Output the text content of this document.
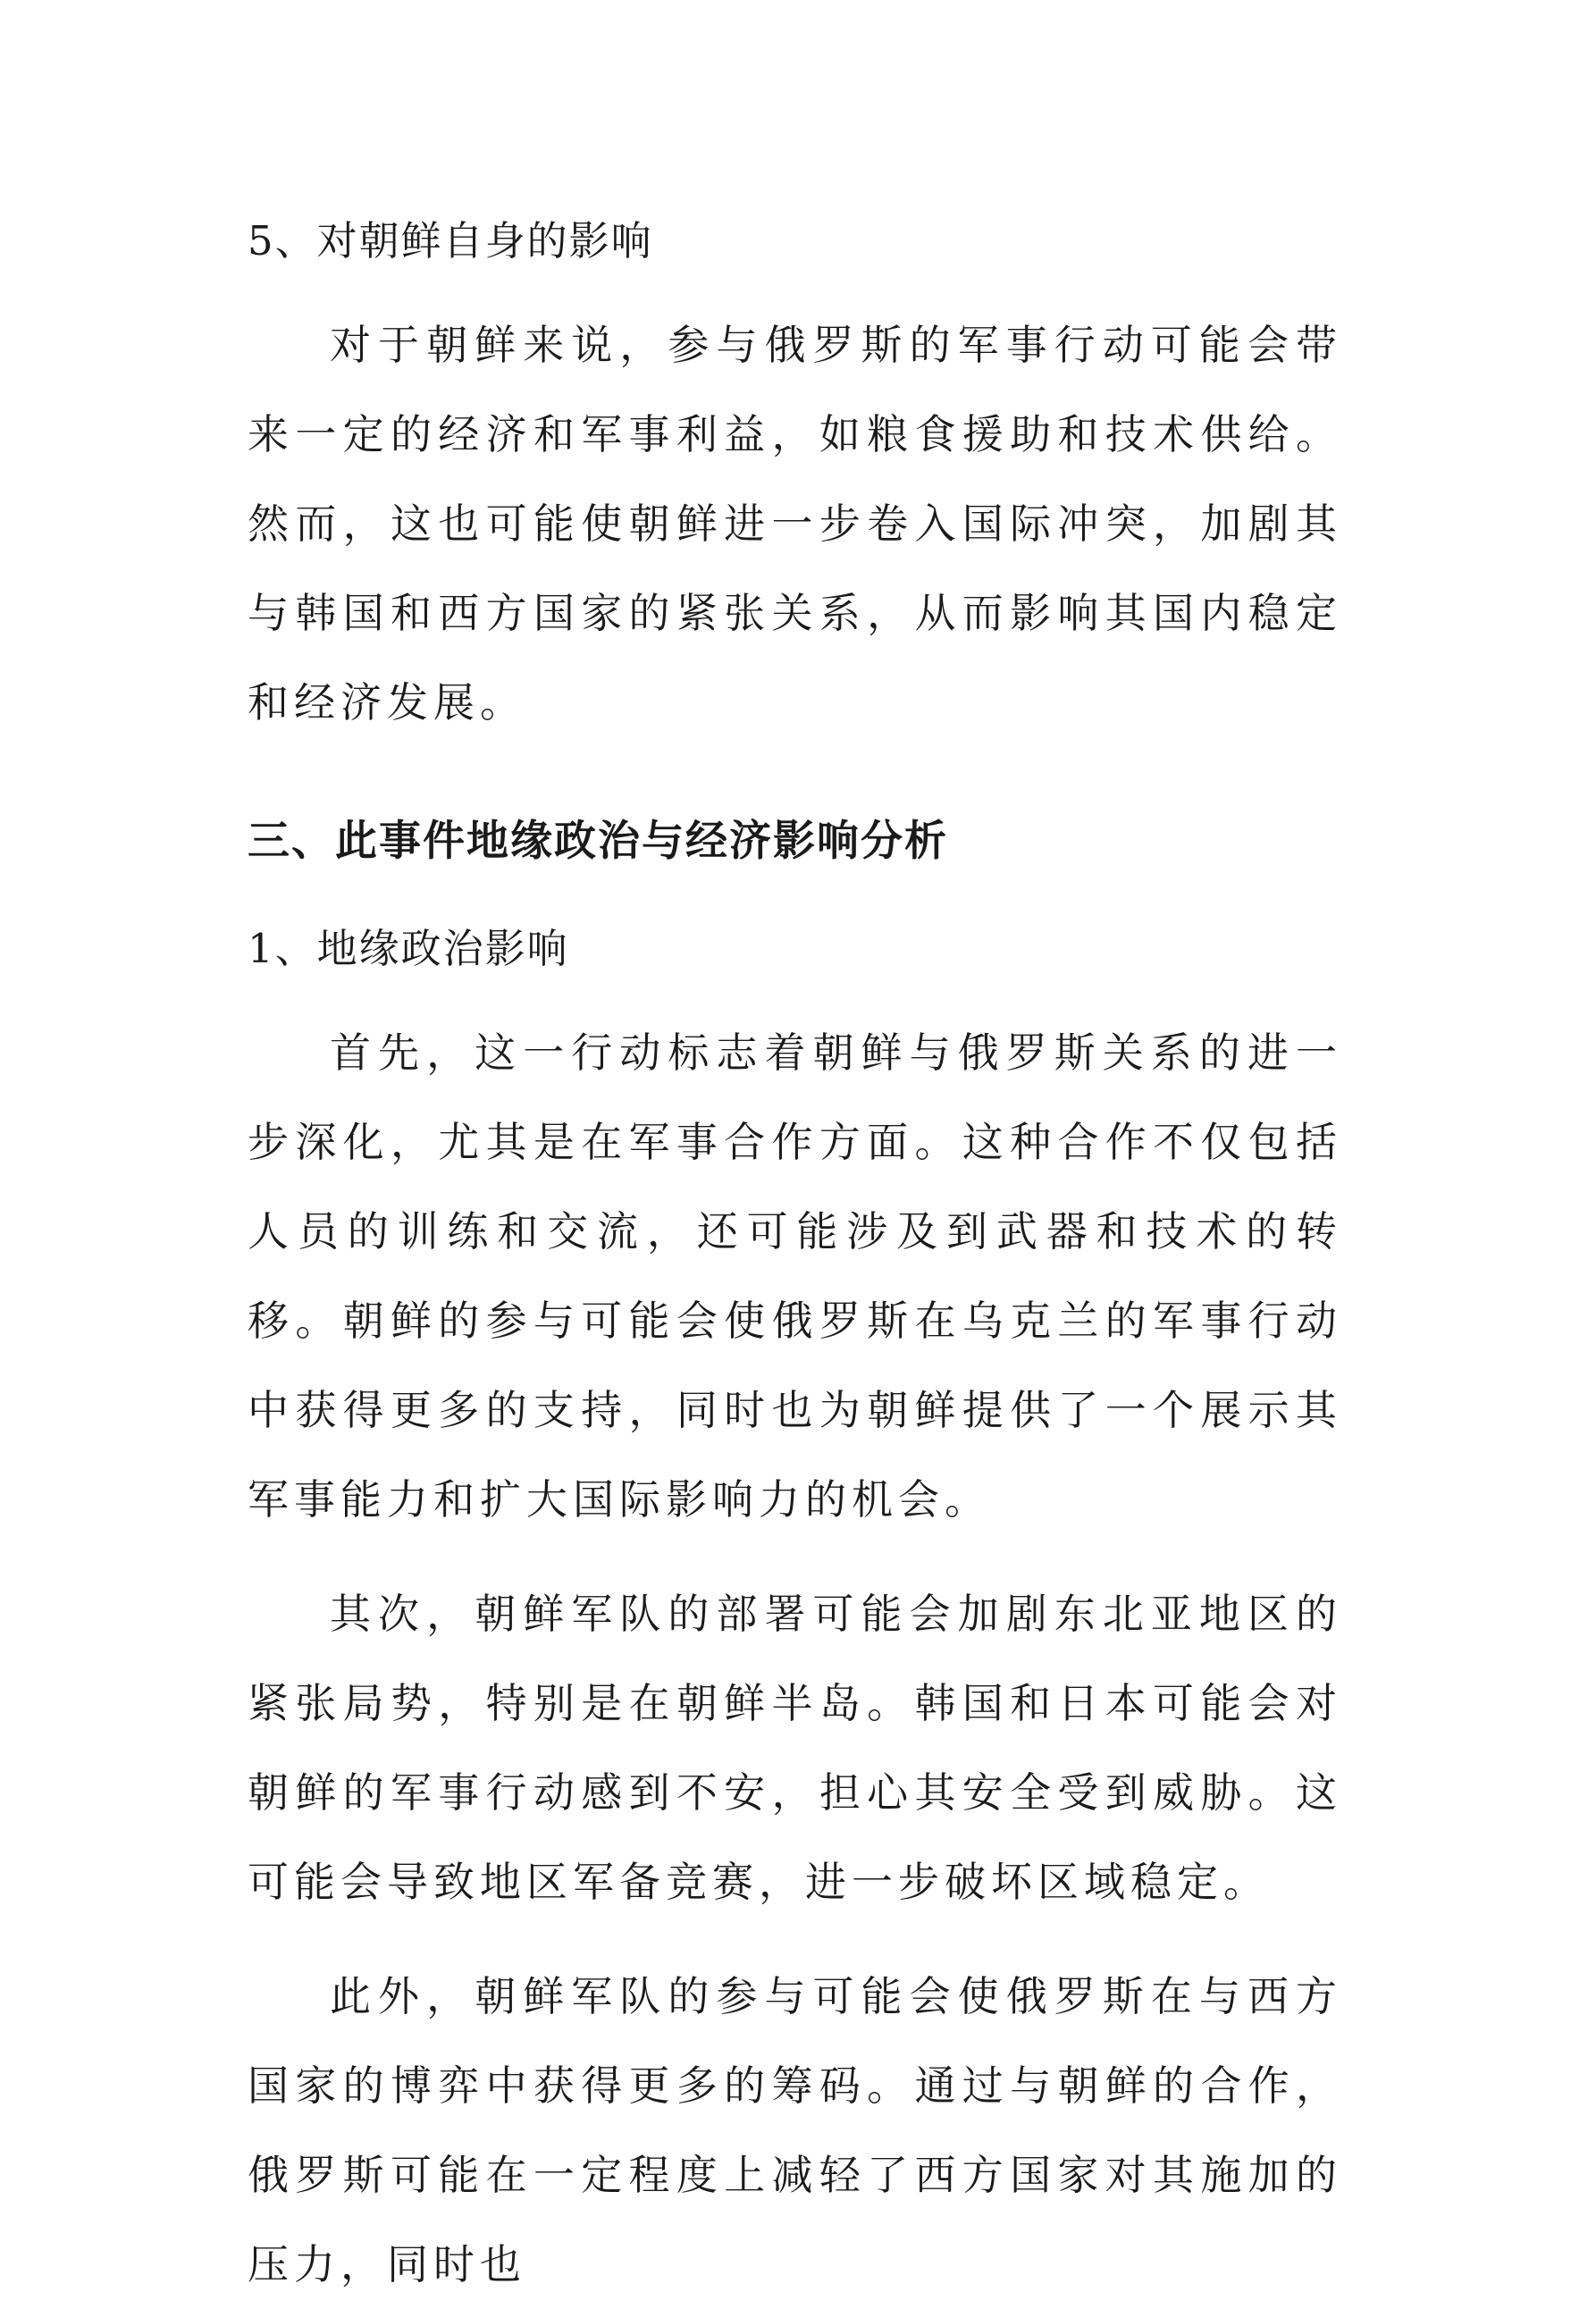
5、对朝鲜自身的影响

对于朝鲜来说，参与俄罗斯的军事行动可能会带来一定的经济和军事利益，如粮食援助和技术供给。然而，这也可能使朝鲜进一步卷入国际冲突，加剧其与韩国和西方国家的紧张关系，从而影响其国内稳定和经济发展。

三、此事件地缘政治与经济影响分析

1、地缘政治影响

首先，这一行动标志着朝鲜与俄罗斯关系的进一步深化，尤其是在军事合作方面。这种合作不仅包括人员的训练和交流，还可能涉及到武器和技术的转移。朝鲜的参与可能会使俄罗斯在乌克兰的军事行动中获得更多的支持，同时也为朝鲜提供了一个展示其军事能力和扩大国际影响力的机会。

其次，朝鲜军队的部署可能会加剧东北亚地区的紧张局势，特别是在朝鲜半岛。韩国和日本可能会对朝鲜的军事行动感到不安，担心其安全受到威胁。这可能会导致地区军备竞赛，进一步破坏区域稳定。

此外，朝鲜军队的参与可能会使俄罗斯在与西方国家的博弈中获得更多的筹码。通过与朝鲜的合作，俄罗斯可能在一定程度上减轻了西方国家对其施加的压力，同时也
